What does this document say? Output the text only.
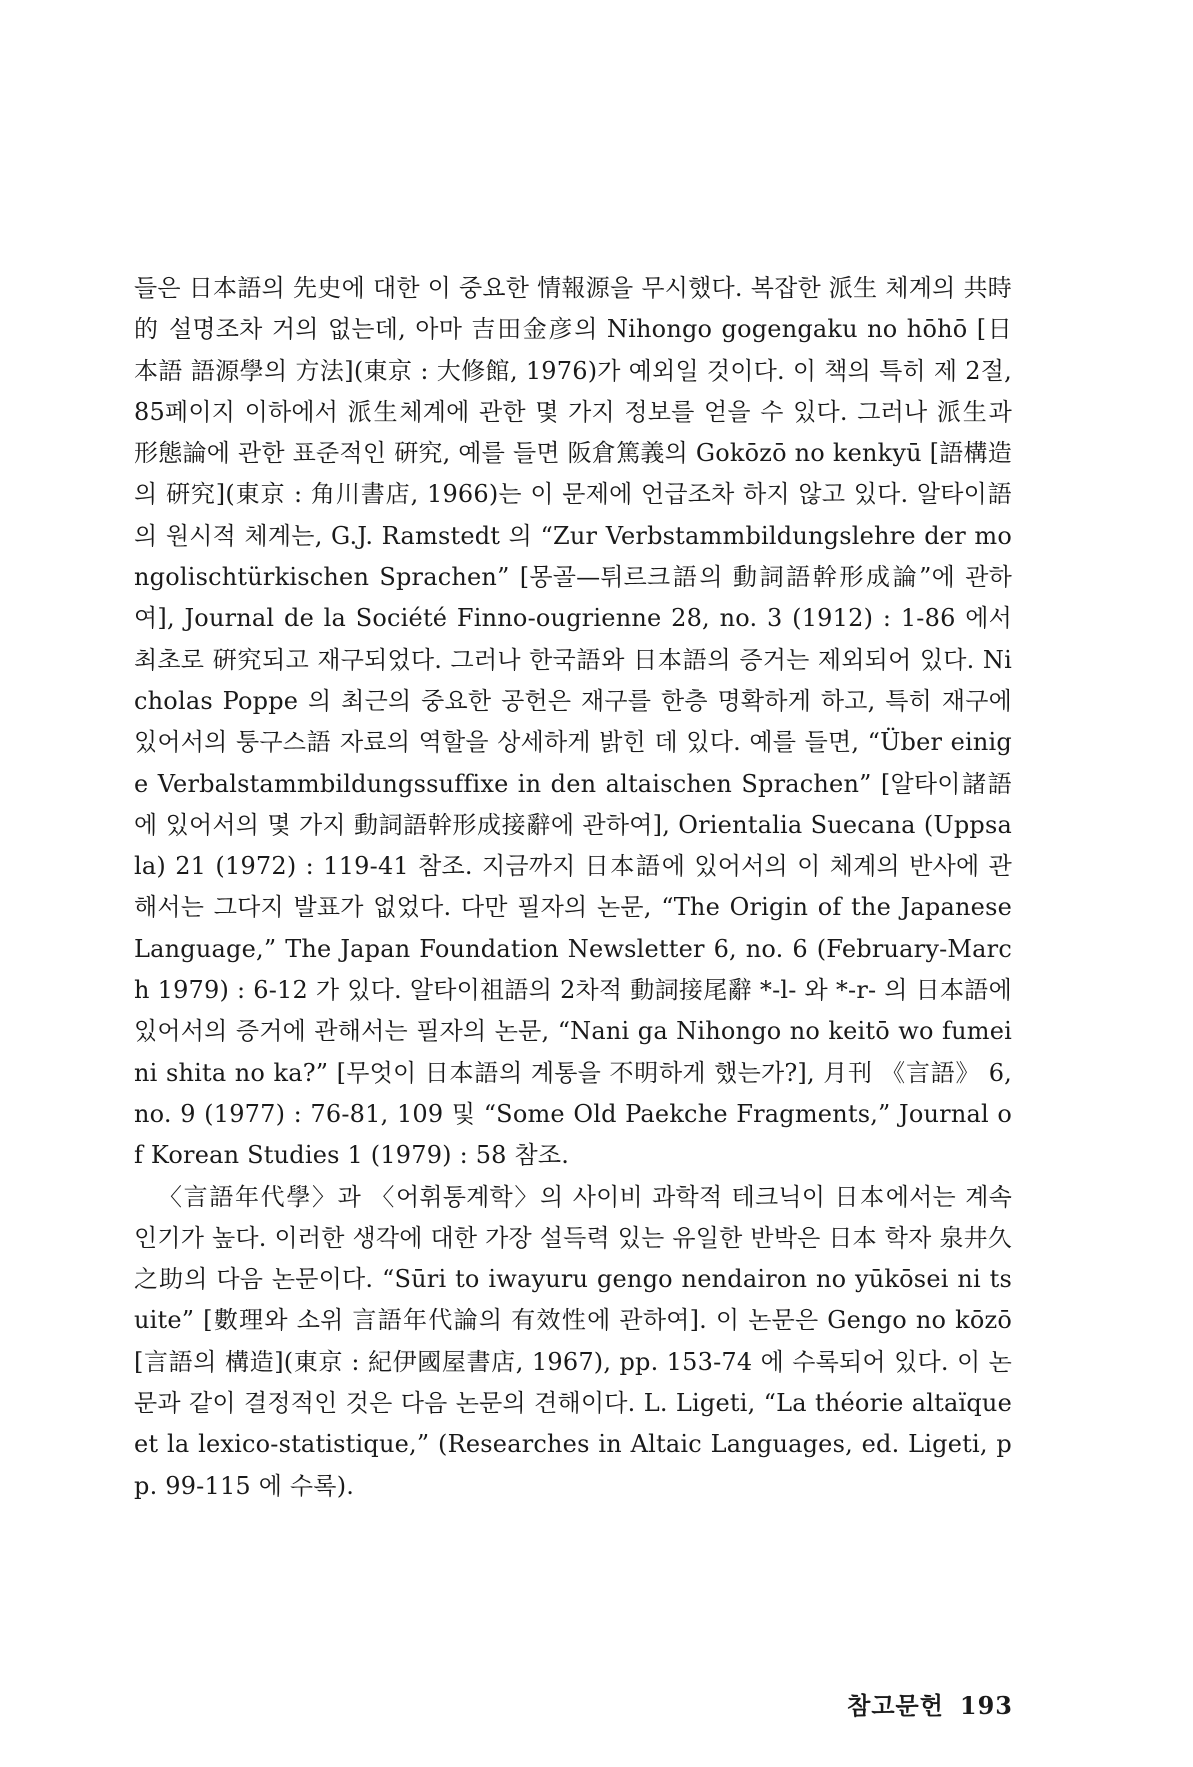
들은 日本語의 先史에 대한 이 중요한 情報源을 무시했다. 복잡한 派生 체계의 共時的 설명조차 거의 없는데, 아마 吉田金彦의 Nihongo gogengaku no hōhō [日本語 語源學의 方法](東京 : 大修館, 1976)가 예외일 것이다. 이 책의 특히 제 2절, 85페이지 이하에서 派生체계에 관한 몇 가지 정보를 얻을 수 있다. 그러나 派生과 形態論에 관한 표준적인 硏究, 예를 들면 阪倉篤義의 Gokōzō no kenkyū [語構造의 硏究](東京 : 角川書店, 1966)는 이 문제에 언급조차 하지 않고 있다. 알타이語의 원시적 체계는, G.J. Ramstedt 의 “Zur Verbstammbildungslehre der mongolischtürkischen Sprachen” [몽골—튀르크語의 動詞語幹形成論”에 관하여], Journal de la Société Finno-ougrienne 28, no. 3 (1912) : 1-86 에서 최초로 硏究되고 재구되었다. 그러나 한국語와 日本語의 증거는 제외되어 있다. Nicholas Poppe 의 최근의 중요한 공헌은 재구를 한층 명확하게 하고, 특히 재구에 있어서의 퉁구스語 자료의 역할을 상세하게 밝힌 데 있다. 예를 들면, “Über einige Verbalstammbildungssuffixe in den altaischen Sprachen” [알타이諸語에 있어서의 몇 가지 動詞語幹形成接辭에 관하여], Orientalia Suecana (Uppsala) 21 (1972) : 119-41 참조. 지금까지 日本語에 있어서의 이 체계의 반사에 관해서는 그다지 발표가 없었다. 다만 필자의 논문, “The Origin of the Japanese Language,” The Japan Foundation Newsletter 6, no. 6 (February-March 1979) : 6-12 가 있다. 알타이祖語의 2차적 動詞接尾辭 *-l- 와 *-r- 의 日本語에 있어서의 증거에 관해서는 필자의 논문, “Nani ga Nihongo no keitō wo fumei ni shita no ka?” [무엇이 日本語의 계통을 不明하게 했는가?], 月刊 《言語》 6, no. 9 (1977) : 76-81, 109 및 “Some Old Paekche Fragments,” Journal of Korean Studies 1 (1979) : 58 참조.

〈言語年代學〉과 〈어휘통계학〉의 사이비 과학적 테크닉이 日本에서는 계속 인기가 높다. 이러한 생각에 대한 가장 설득력 있는 유일한 반박은 日本 학자 泉井久之助의 다음 논문이다. “Sūri to iwayuru gengo nendairon no yūkōsei ni tsuite” [數理와 소위 言語年代論의 有效性에 관하여]. 이 논문은 Gengo no kōzō [言語의 構造](東京 : 紀伊國屋書店, 1967), pp. 153-74 에 수록되어 있다. 이 논문과 같이 결정적인 것은 다음 논문의 견해이다. L. Ligeti, “La théorie altaïque et la lexico-statistique,” (Researches in Altaic Languages, ed. Ligeti, pp. 99-115 에 수록).

참고문헌 193
